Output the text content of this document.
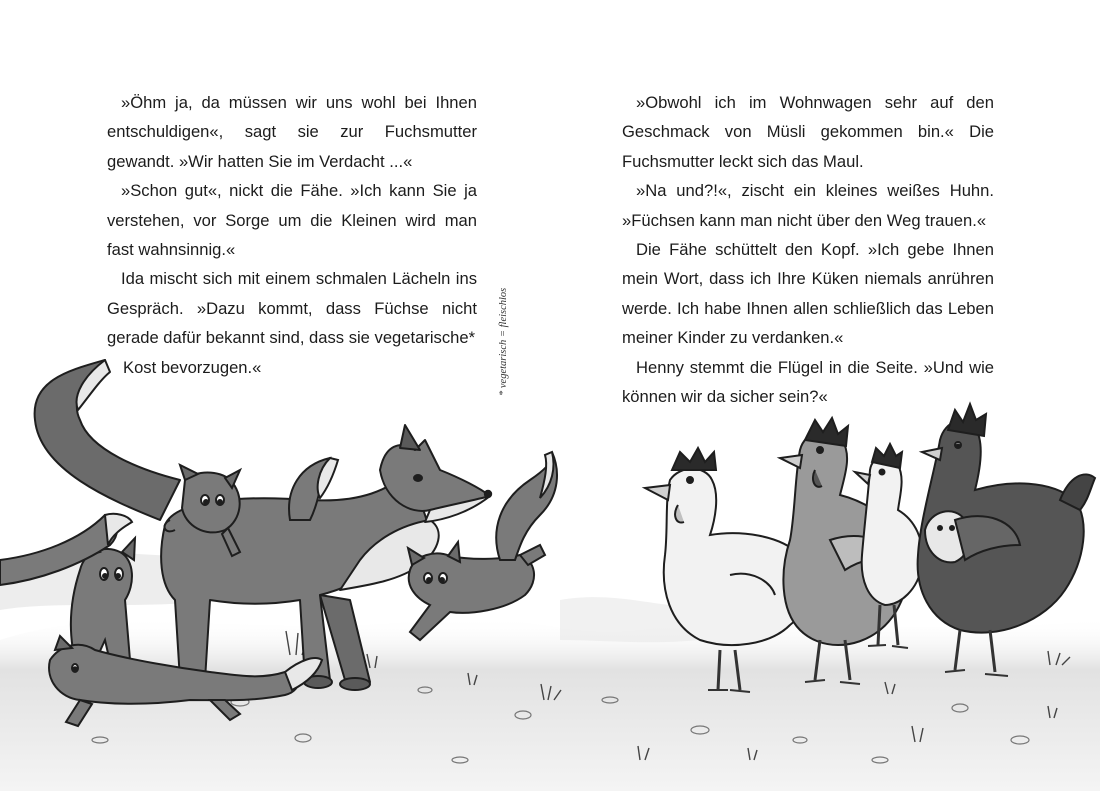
»Öhm ja, da müssen wir uns wohl bei Ihnen entschuldigen«, sagt sie zur Fuchsmutter gewandt. »Wir hatten Sie im Verdacht ...«

»Schon gut«, nickt die Fähe. »Ich kann Sie ja verstehen, vor Sorge um die Kleinen wird man fast wahnsinnig.«

Ida mischt sich mit einem schmalen Lächeln ins Gespräch. »Dazu kommt, dass Füchse nicht gerade dafür bekannt sind, dass sie vegetarische*

Kost bevorzugen.«	* vegetarisch = fleischlos

»Obwohl ich im Wohnwagen sehr auf den Geschmack von Müsli gekommen bin.« Die Fuchsmutter leckt sich das Maul.

»Na und?!«, zischt ein kleines weißes Huhn. »Füchsen kann man nicht über den Weg trauen.«

Die Fähe schüttelt den Kopf. »Ich gebe Ihnen mein Wort, dass ich Ihre Küken niemals anrühren werde. Ich habe Ihnen allen schließlich das Leben meiner Kinder zu verdanken.«

Henny stemmt die Flügel in die Seite. »Und wie können wir da sicher sein?«
